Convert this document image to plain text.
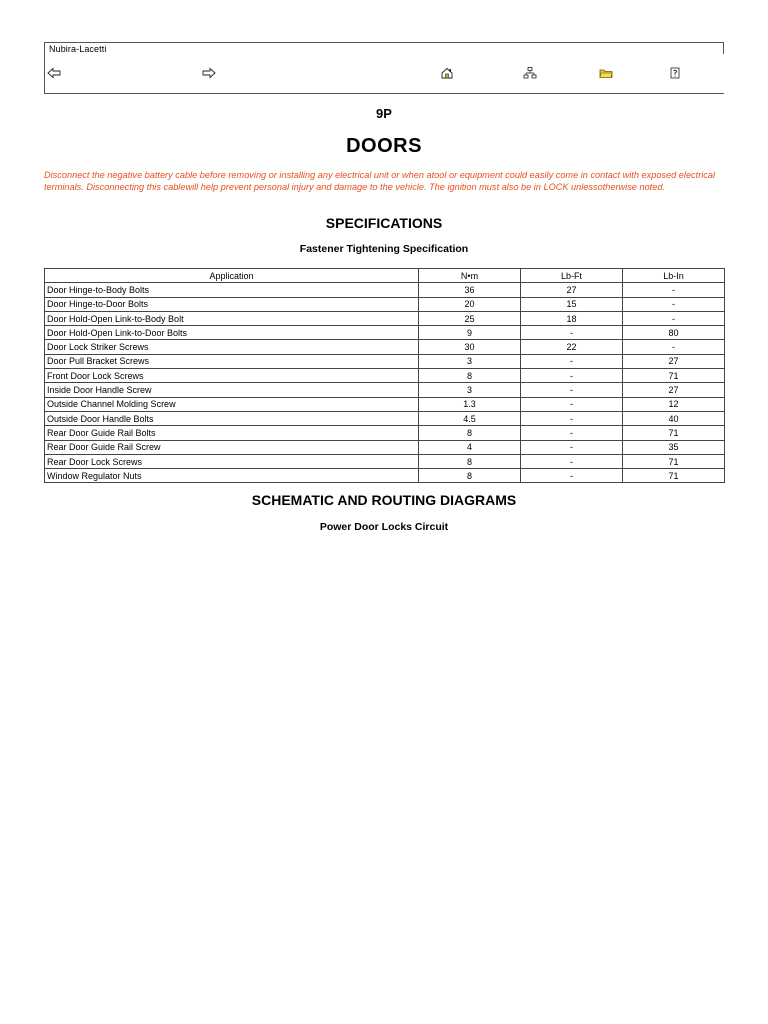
Nubira-Lacetti
9P
DOORS
Disconnect the negative battery cable before removing or installing any electrical unit or when atool or equipment could easily come in contact with exposed electrical terminals. Disconnecting this cablewill help prevent personal injury and damage to the vehicle. The ignition must also be in LOCK unlessotherwise noted.
SPECIFICATIONS
Fastener Tightening Specification
Application	N•m	Lb-Ft	Lb-In
Door Hinge-to-Body Bolts	36	27	-
Door Hinge-to-Door Bolts	20	15	-
Door Hold-Open Link-to-Body Bolt	25	18	-
Door Hold-Open Link-to-Door Bolts	9	-	80
Door Lock Striker Screws	30	22	-
Door Pull Bracket Screws	3	-	27
Front Door Lock Screws	8	-	71
Inside Door Handle Screw	3	-	27
Outside Channel Molding Screw	1.3	-	12
Outside Door Handle Bolts	4.5	-	40
Rear Door Guide Rail Bolts	8	-	71
Rear Door Guide Rail Screw	4	-	35
Rear Door Lock Screws	8	-	71
Window Regulator Nuts	8	-	71
SCHEMATIC AND ROUTING DIAGRAMS
Power Door Locks Circuit
